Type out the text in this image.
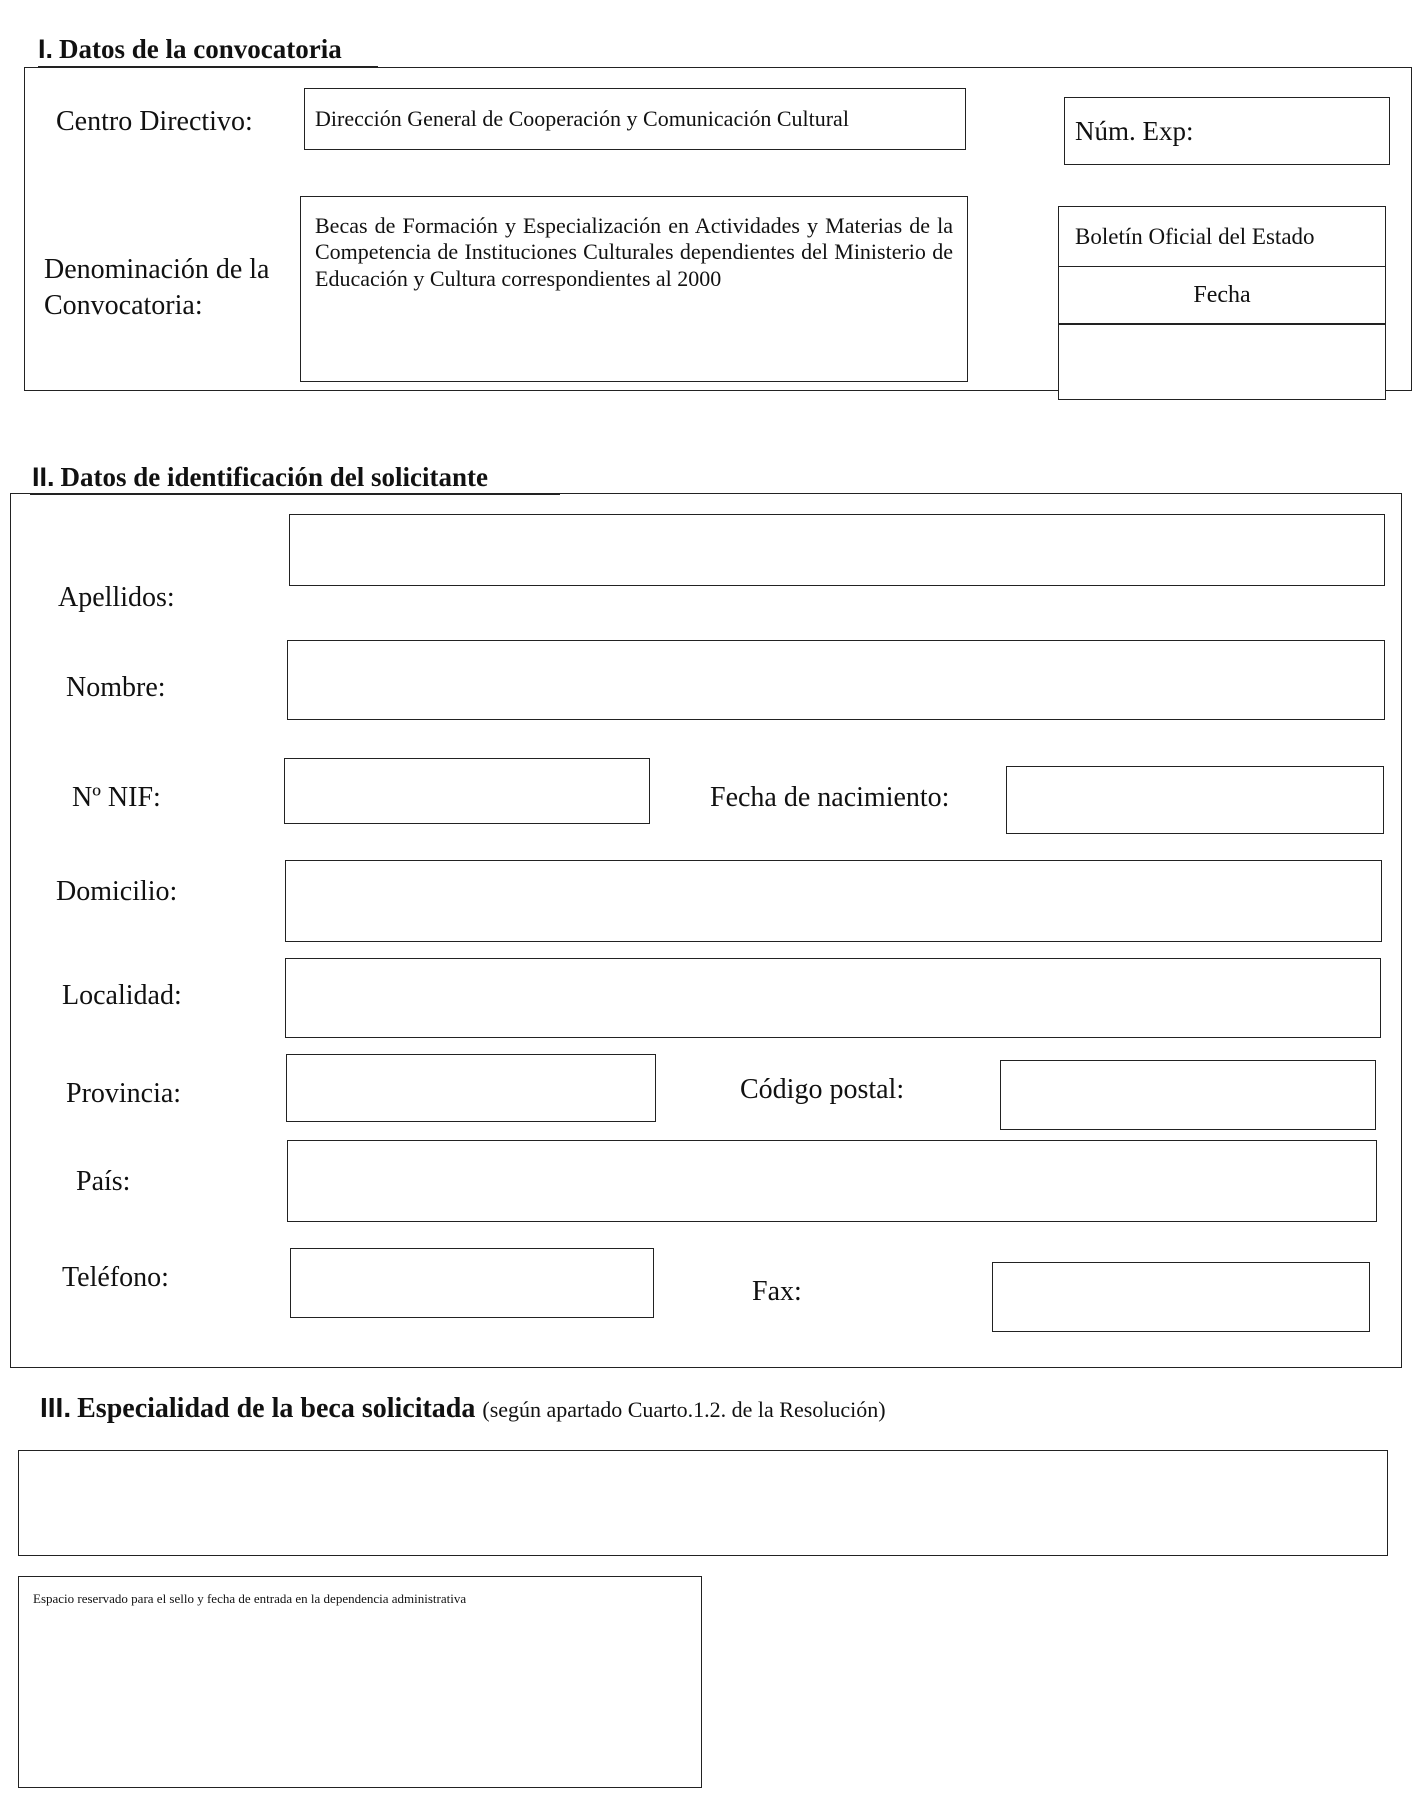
I. Datos de la convocatoria
Centro Directivo:	Dirección General de Cooperación y Comunicación Cultural	Núm. Exp:
Denominación de la
Convocatoria:
Becas de Formación y Especialización en Actividades y Materias de la Competencia de Instituciones Culturales dependientes del Ministerio de Educación y Cultura correspondientes al 2000
Boletín Oficial del Estado
Fecha
II. Datos de identificación del solicitante
Apellidos:
Nombre:
Nº NIF:	Fecha de nacimiento:
Domicilio:
Localidad:
Provincia:	Código postal:
País:
Teléfono:	Fax:
III. Especialidad de la beca solicitada (según apartado Cuarto.1.2. de la Resolución)
Espacio reservado para el sello y fecha de entrada en la dependencia administrativa
